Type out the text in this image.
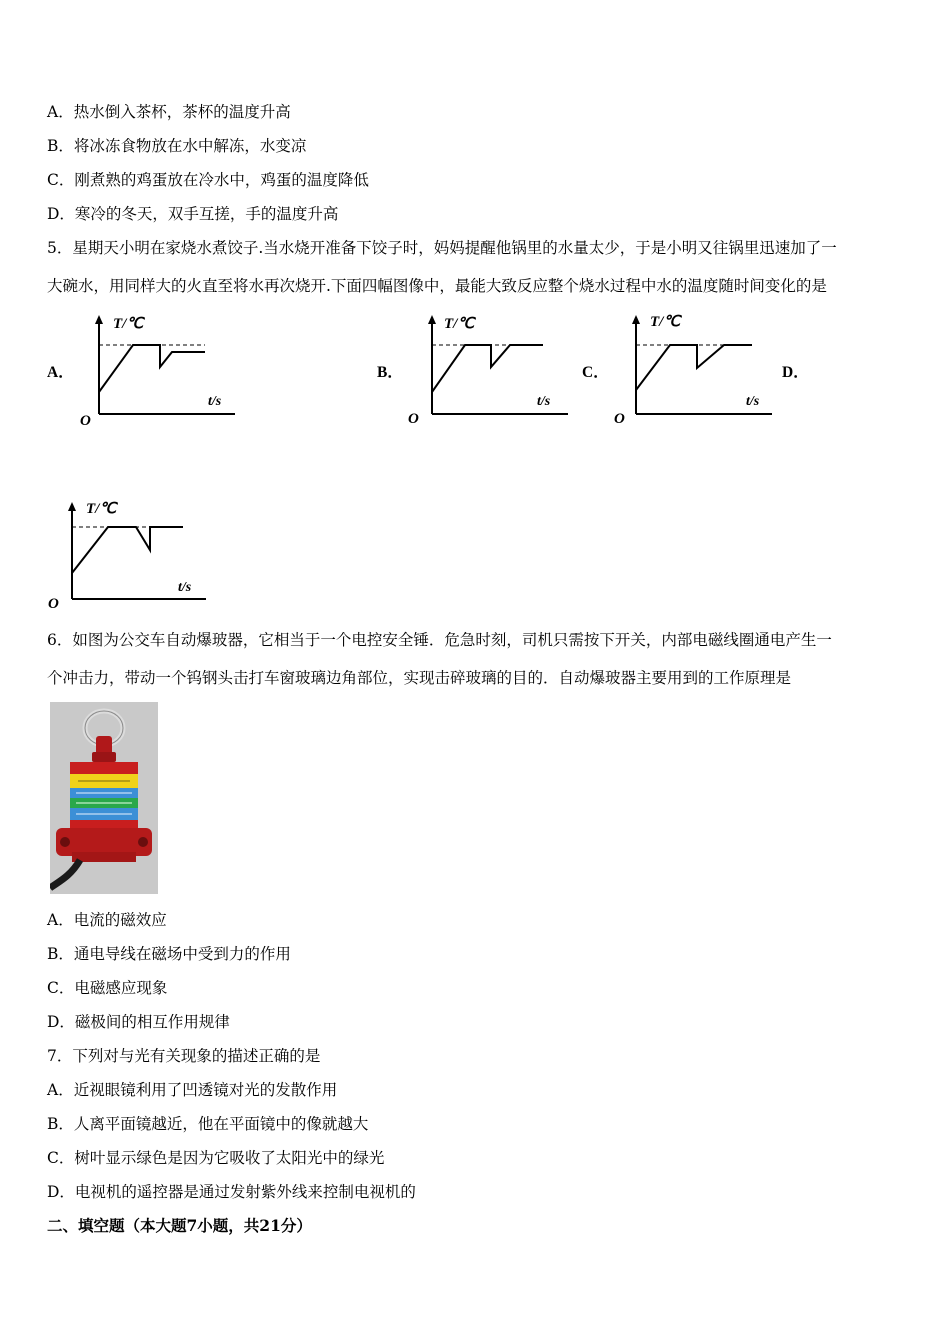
A．热水倒入茶杯，茶杯的温度升高
B．将冰冻食物放在水中解冻，水变凉
C．刚煮熟的鸡蛋放在冷水中，鸡蛋的温度降低
D．寒冷的冬天，双手互搓，手的温度升高
5．星期天小明在家烧水煮饺子.当水烧开准备下饺子时，妈妈提醒他锅里的水量太少，于是小明又往锅里迅速加了一
大碗水，用同样大的火直至将水再次烧开.下面四幅图像中，最能大致反应整个烧水过程中水的温度随时间变化的是
A．	B．	C．	D．
T/℃
t/s
O
T/℃
t/s
O
T/℃
t/s
O
T/℃
t/s
O
6．如图为公交车自动爆玻器，它相当于一个电控安全锤．危急时刻，司机只需按下开关，内部电磁线圈通电产生一
个冲击力，带动一个钨钢头击打车窗玻璃边角部位，实现击碎玻璃的目的．自动爆玻器主要用到的工作原理是
A．电流的磁效应
B．通电导线在磁场中受到力的作用
C．电磁感应现象
D．磁极间的相互作用规律
7．下列对与光有关现象的描述正确的是
A．近视眼镜利用了凹透镜对光的发散作用
B．人离平面镜越近，他在平面镜中的像就越大
C．树叶显示绿色是因为它吸收了太阳光中的绿光
D．电视机的遥控器是通过发射紫外线来控制电视机的
二、填空题（本大题7小题，共21分）
